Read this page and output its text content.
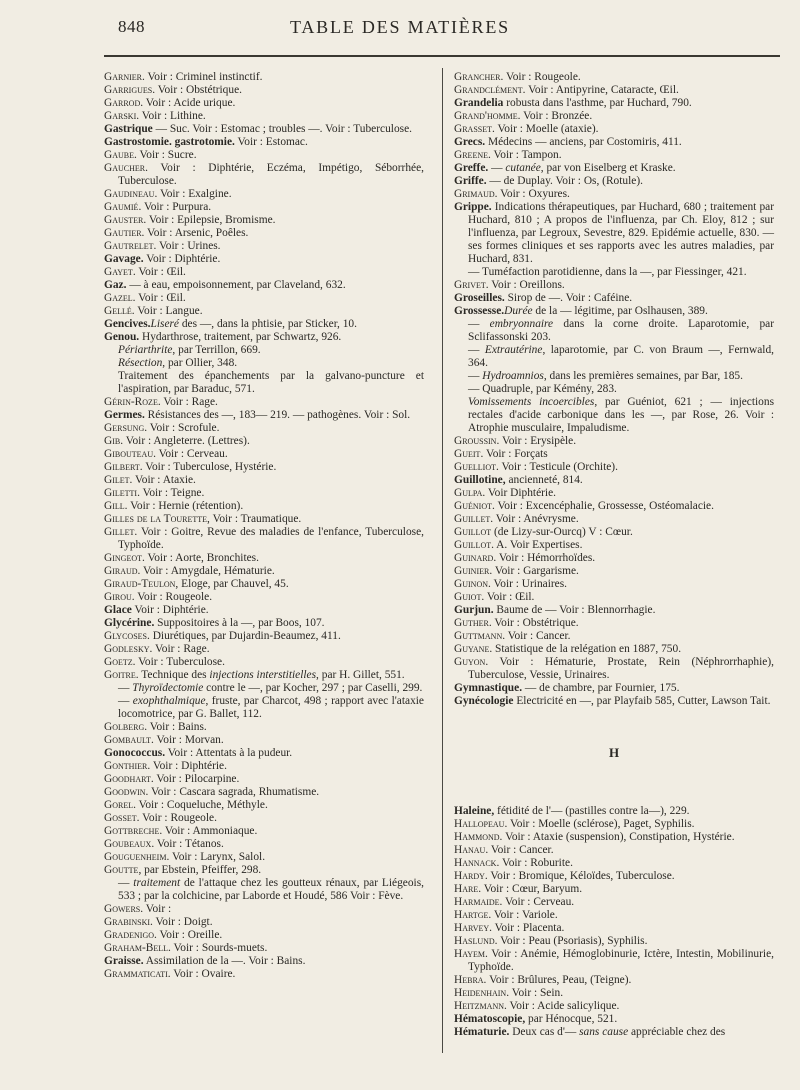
848	TABLE DES MATIÈRES

Garnier. Voir : Criminel instinctif.

Garrigues. Voir : Obstétrique.

Garrod. Voir : Acide urique.

Garski. Voir : Lithine.

Gastrique — Suc. Voir : Estomac ; troubles —. Voir : Tuberculose.

Gastrostomie. gastrotomie. Voir : Estomac.

Gaube. Voir : Sucre.

Gaucher. Voir : Diphtérie, Eczéma, Impétigo, Séborrhée, Tuberculose.

Gaudineau. Voir : Exalgine.

Gaumié. Voir : Purpura.

Gauster. Voir : Epilepsie, Bromisme.

Gautier. Voir : Arsenic, Poêles.

Gautrelet. Voir : Urines.

Gavage. Voir : Diphtérie.

Gayet. Voir : Œil.

Gaz. — à eau, empoisonnement, par Claveland, 632.

Gazel. Voir : Œil.

Gellé. Voir : Langue.

Gencives.Liseré des —, dans la phtisie, par Sticker, 10.

Genou. Hydarthrose, traitement, par Schwartz, 926.

Périarthrite, par Terrillon, 669.

Résection, par Ollier, 348.

Traitement des épanchements par la galvano-puncture et l'aspiration, par Baraduc, 571.

Gérin-Roze. Voir : Rage.

Germes. Résistances des —, 183— 219. — pathogènes. Voir : Sol.

Gersung. Voir : Scrofule.

Gib. Voir : Angleterre. (Lettres).

Gibouteau. Voir : Cerveau.

Gilbert. Voir : Tuberculose, Hystérie.

Gilet. Voir : Ataxie.

Giletti. Voir : Teigne.

Gill. Voir : Hernie (rétention).

Gilles de la Tourette, Voir : Traumatique.

Gillet. Voir : Goitre, Revue des maladies de l'enfance, Tuberculose, Typhoïde.

Gingeot. Voir : Aorte, Bronchites.

Giraud. Voir : Amygdale, Hématurie.

Giraud-Teulon, Eloge, par Chauvel, 45.

Girou. Voir : Rougeole.

Glace Voir : Diphtérie.

Glycérine. Suppositoires à la —, par Boos, 107.

Glycoses. Diurétiques, par Dujardin-Beaumez, 411.

Godlesky. Voir : Rage.

Goetz. Voir : Tuberculose.

Goitre. Technique des injections interstitielles, par H. Gillet, 551.

— Thyroïdectomie contre le —, par Kocher, 297 ; par Caselli, 299.

— exophthalmique, fruste, par Charcot, 498 ; rapport avec l'ataxie locomotrice, par G. Ballet, 112.

Golberg. Voir : Bains.

Gombault. Voir : Morvan.

Gonococcus. Voir : Attentats à la pudeur.

Gonthier. Voir : Diphtérie.

Goodhart. Voir : Pilocarpine.

Goodwin. Voir : Cascara sagrada, Rhumatisme.

Gorel. Voir : Coqueluche, Méthyle.

Gosset. Voir : Rougeole.

Gottbreche. Voir : Ammoniaque.

Goubeaux. Voir : Tétanos.

Gouguenheim. Voir : Larynx, Salol.

Goutte, par Ebstein, Pfeiffer, 298.

— traitement de l'attaque chez les goutteux rénaux, par Liégeois, 533 ; par la colchicine, par Laborde et Houdé, 586 Voir : Fève.

Gowers. Voir :

Grabinski. Voir : Doigt.

Gradenigo. Voir : Oreille.

Graham-Bell. Voir : Sourds-muets.

Graisse. Assimilation de la —. Voir : Bains.

Grammaticati. Voir : Ovaire.

Grancher. Voir : Rougeole.

Grandclément. Voir : Antipyrine, Cataracte, Œil.

Grandelia robusta dans l'asthme, par Huchard, 790.

Grand'homme. Voir : Bronzée.

Grasset. Voir : Moelle (ataxie).

Grecs. Médecins — anciens, par Costomiris, 411.

Greene. Voir : Tampon.

Greffe. — cutanée, par von Eiselberg et Kraske.

Griffe. — de Duplay. Voir : Os, (Rotule).

Grimaud. Voir : Oxyures.

Grippe. Indications thérapeutiques, par Huchard, 680 ; traitement par Huchard, 810 ; A propos de l'influenza, par Ch. Eloy, 812 ; sur l'influenza, par Legroux, Sevestre, 829. Epidémie actuelle, 830. — ses formes cliniques et ses rapports avec les autres maladies, par Huchard, 831.

— Tuméfaction parotidienne, dans la —, par Fiessinger, 421.

Grivet. Voir : Oreillons.

Groseilles. Sirop de —. Voir : Caféine.

Grossesse.Durée de la — légitime, par Oslhausen, 389.

— embryonnaire dans la corne droite. Laparotomie, par Sclifassonski 203.

— Extrautérine, laparotomie, par C. von Braum —, Fernwald, 364.

— Hydroamnios, dans les premières semaines, par Bar, 185.

— Quadruple, par Kémény, 283.

Vomissements incoercibles, par Guéniot, 621 ; — injections rectales d'acide carbonique dans les —, par Rose, 26. Voir : Atrophie musculaire, Impaludisme.

Groussin. Voir : Erysipèle.

Gueit. Voir : Forçats

Guelliot. Voir : Testicule (Orchite).

Guillotine, ancienneté, 814.

Gulpa. Voir Diphtérie.

Guéniot. Voir : Excencéphalie, Grossesse, Ostéomalacie.

Guillet. Voir : Anévrysme.

Guillot (de Lizy-sur-Ourcq) V : Cœur.

Guillot. A. Voir Expertises.

Guinard. Voir : Hémorrhoïdes.

Guinier. Voir : Gargarisme.

Guinon. Voir : Urinaires.

Guiot. Voir : Œil.

Gurjun. Baume de — Voir : Blennorrhagie.

Guther. Voir : Obstétrique.

Guttmann. Voir : Cancer.

Guyane. Statistique de la relégation en 1887, 750.

Guyon. Voir : Hématurie, Prostate, Rein (Néphrorrhaphie), Tuberculose, Vessie, Urinaires.

Gymnastique. — de chambre, par Fournier, 175.

Gynécologie Electricité en —, par Playfaib 585, Cutter, Lawson Tait.

H

Haleine, fétidité de l'— (pastilles contre la—), 229.

Hallopeau. Voir : Moelle (sclérose), Paget, Syphilis.

Hammond. Voir : Ataxie (suspension), Constipation, Hystérie.

Hanau. Voir : Cancer.

Hannack. Voir : Roburite.

Hardy. Voir : Bromique, Kéloïdes, Tuberculose.

Hare. Voir : Cœur, Baryum.

Harmaide. Voir : Cerveau.

Hartge. Voir : Variole.

Harvey. Voir : Placenta.

Haslund. Voir : Peau (Psoriasis), Syphilis.

Hayem. Voir : Anémie, Hémoglobinurie, Ictère, Intestin, Mobilinurie, Typhoïde.

Hebra. Voir : Brûlures, Peau, (Teigne).

Heidenhain. Voir : Sein.

Heitzmann. Voir : Acide salicylique.

Hématoscopie, par Hénocque, 521.

Hématurie. Deux cas d'— sans cause appréciable chez des
